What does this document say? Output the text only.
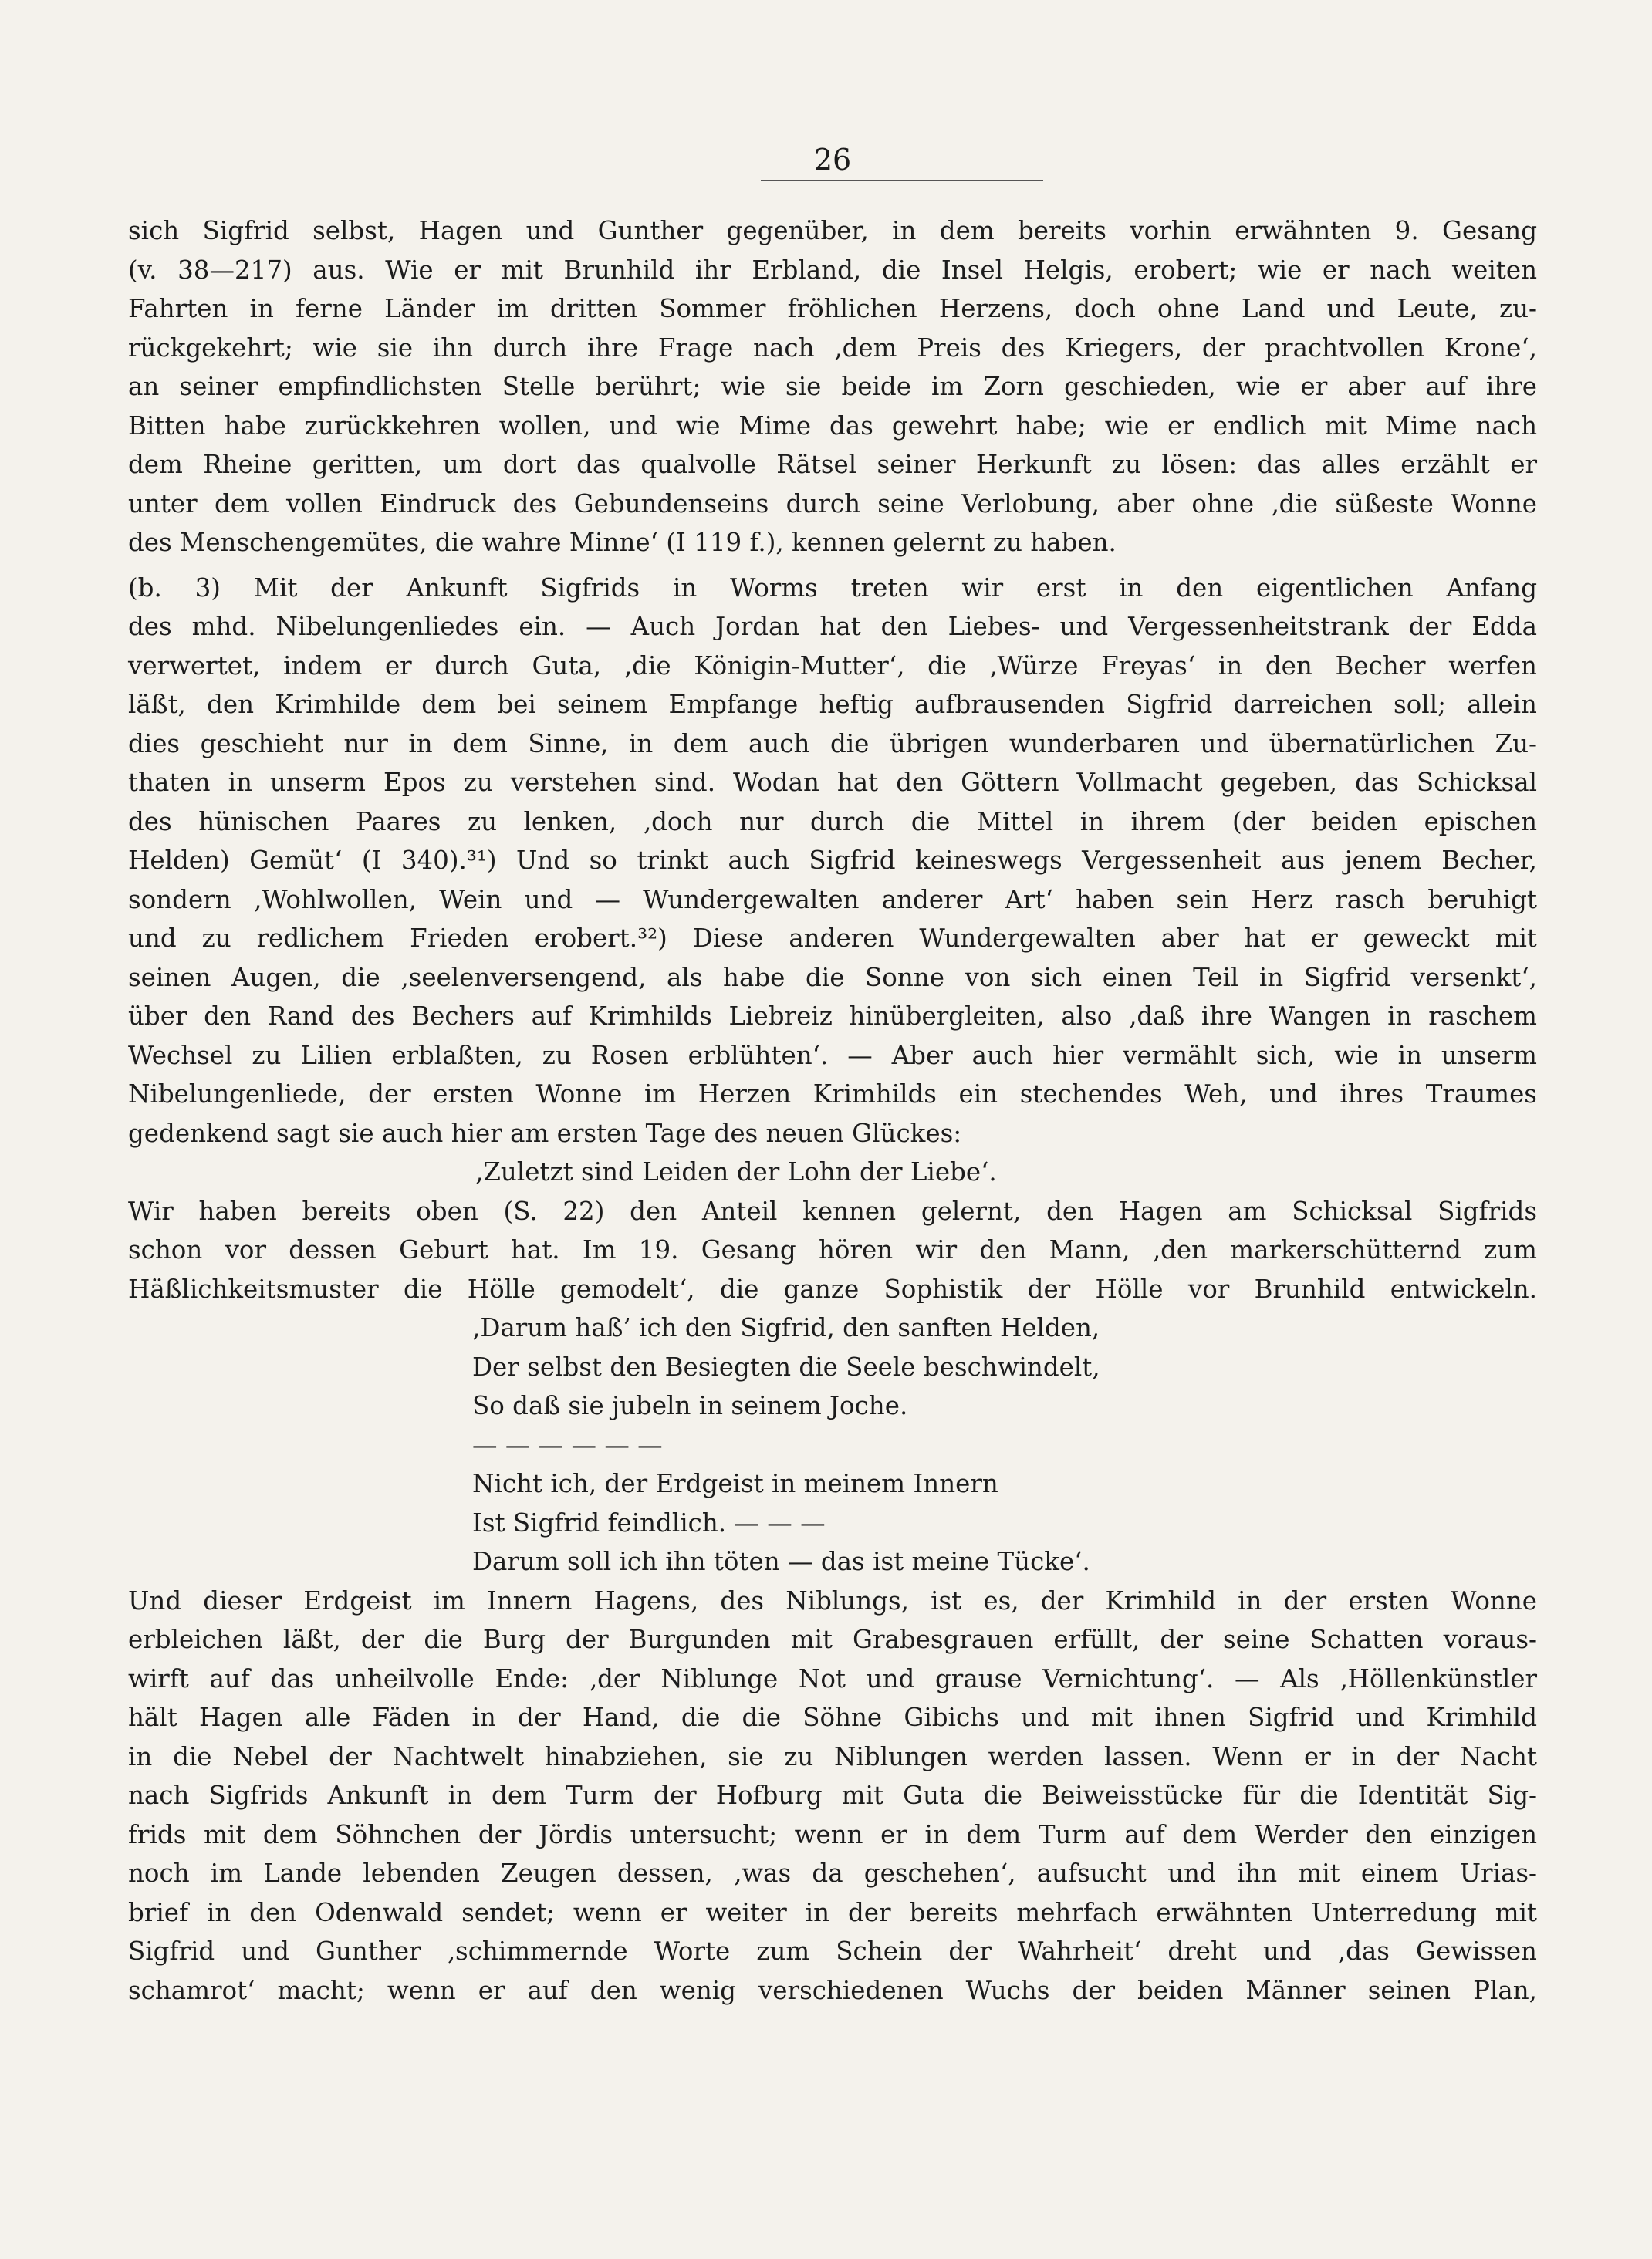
26
sich Sigfrid selbst, Hagen und Gunther gegenüber, in dem bereits vorhin erwähnten 9. Gesang
(v. 38—217) aus. Wie er mit Brunhild ihr Erbland, die Insel Helgis, erobert; wie er nach weiten
Fahrten in ferne Länder im dritten Sommer fröhlichen Herzens, doch ohne Land und Leute, zu-
rückgekehrt; wie sie ihn durch ihre Frage nach ‚dem Preis des Kriegers, der prachtvollen Krone‘,
an seiner empfindlichsten Stelle berührt; wie sie beide im Zorn geschieden, wie er aber auf ihre
Bitten habe zurückkehren wollen, und wie Mime das gewehrt habe; wie er endlich mit Mime nach
dem Rheine geritten, um dort das qualvolle Rätsel seiner Herkunft zu lösen: das alles erzählt er
unter dem vollen Eindruck des Gebundenseins durch seine Verlobung, aber ohne ‚die süßeste Wonne
des Menschengemütes, die wahre Minne‘ (I 119 f.), kennen gelernt zu haben.
(b. 3) Mit der Ankunft Sigfrids in Worms treten wir erst in den eigentlichen Anfang
des mhd. Nibelungenliedes ein. — Auch Jordan hat den Liebes- und Vergessenheitstrank der Edda
verwertet, indem er durch Guta, ‚die Königin-Mutter‘, die ‚Würze Freyas‘ in den Becher werfen
läßt, den Krimhilde dem bei seinem Empfange heftig aufbrausenden Sigfrid darreichen soll; allein
dies geschieht nur in dem Sinne, in dem auch die übrigen wunderbaren und übernatürlichen Zu-
thaten in unserm Epos zu verstehen sind. Wodan hat den Göttern Vollmacht gegeben, das Schicksal
des hünischen Paares zu lenken, ‚doch nur durch die Mittel in ihrem (der beiden epischen
Helden) Gemüt‘ (I 340).³¹) Und so trinkt auch Sigfrid keineswegs Vergessenheit aus jenem Becher,
sondern ‚Wohlwollen, Wein und — Wundergewalten anderer Art‘ haben sein Herz rasch beruhigt
und zu redlichem Frieden erobert.³²) Diese anderen Wundergewalten aber hat er geweckt mit
seinen Augen, die ‚seelenversengend, als habe die Sonne von sich einen Teil in Sigfrid versenkt‘,
über den Rand des Bechers auf Krimhilds Liebreiz hinübergleiten, also ‚daß ihre Wangen in raschem
Wechsel zu Lilien erblaßten, zu Rosen erblühten‘. — Aber auch hier vermählt sich, wie in unserm
Nibelungenliede, der ersten Wonne im Herzen Krimhilds ein stechendes Weh, und ihres Traumes
gedenkend sagt sie auch hier am ersten Tage des neuen Glückes:
‚Zuletzt sind Leiden der Lohn der Liebe‘.
Wir haben bereits oben (S. 22) den Anteil kennen gelernt, den Hagen am Schicksal Sigfrids
schon vor dessen Geburt hat. Im 19. Gesang hören wir den Mann, ‚den markerschütternd zum
Häßlichkeitsmuster die Hölle gemodelt‘, die ganze Sophistik der Hölle vor Brunhild entwickeln.
‚Darum haß’ ich den Sigfrid, den sanften Helden,
Der selbst den Besiegten die Seele beschwindelt,
So daß sie jubeln in seinem Joche.
— — — — — —
Nicht ich, der Erdgeist in meinem Innern
Ist Sigfrid feindlich. — — —
Darum soll ich ihn töten — das ist meine Tücke‘.
Und dieser Erdgeist im Innern Hagens, des Niblungs, ist es, der Krimhild in der ersten Wonne
erbleichen läßt, der die Burg der Burgunden mit Grabesgrauen erfüllt, der seine Schatten voraus-
wirft auf das unheilvolle Ende: ‚der Niblunge Not und grause Vernichtung‘. — Als ‚Höllenkünstler
hält Hagen alle Fäden in der Hand, die die Söhne Gibichs und mit ihnen Sigfrid und Krimhild
in die Nebel der Nachtwelt hinabziehen, sie zu Niblungen werden lassen. Wenn er in der Nacht
nach Sigfrids Ankunft in dem Turm der Hofburg mit Guta die Beiweisstücke für die Identität Sig-
frids mit dem Söhnchen der Jördis untersucht; wenn er in dem Turm auf dem Werder den einzigen
noch im Lande lebenden Zeugen dessen, ‚was da geschehen‘, aufsucht und ihn mit einem Urias-
brief in den Odenwald sendet; wenn er weiter in der bereits mehrfach erwähnten Unterredung mit
Sigfrid und Gunther ‚schimmernde Worte zum Schein der Wahrheit‘ dreht und ‚das Gewissen
schamrot‘ macht; wenn er auf den wenig verschiedenen Wuchs der beiden Männer seinen Plan,
